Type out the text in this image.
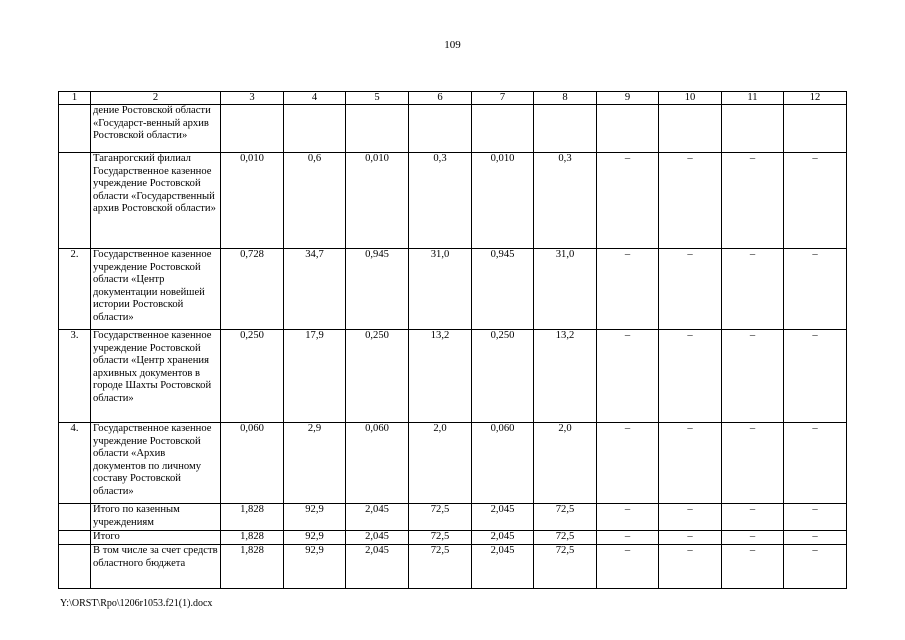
109
1	2	3	4	5	6	7	8	9	10	11	12
	дение Ростовской области «Государст-венный архив Ростовской области»										
	Таганрогский филиал Государственное казенное учреждение Ростовской области «Государственный архив Ростовской области»	0,010	0,6	0,010	0,3	0,010	0,3	–	–	–	–
2.	Государственное казенное учреждение Ростовской области «Центр документации новейшей истории Ростовской области»	0,728	34,7	0,945	31,0	0,945	31,0	–	–	–	–
3.	Государственное казенное учреждение Ростовской области «Центр хранения архивных документов в городе Шахты Ростовской области»	0,250	17,9	0,250	13,2	0,250	13,2	–	–	–	–
4.	Государственное казенное учреждение Ростовской области «Архив документов по личному составу Ростовской области»	0,060	2,9	0,060	2,0	0,060	2,0	–	–	–	–
	Итого по казенным учреждениям	1,828	92,9	2,045	72,5	2,045	72,5	–	–	–	–
	Итого	1,828	92,9	2,045	72,5	2,045	72,5	–	–	–	–
	В том числе за счет средств областного бюджета	1,828	92,9	2,045	72,5	2,045	72,5	–	–	–	–
Y:\ORST\Rpo\1206r1053.f21(1).docx
